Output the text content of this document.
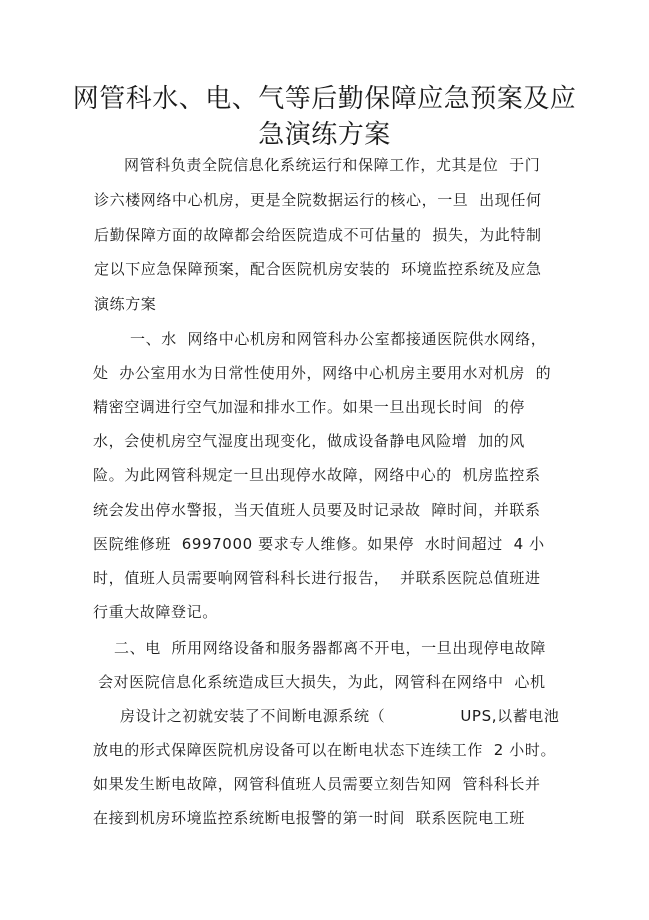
网管科水、电、气等后勤保障应急预案及应
急演练方案
网管科负责全院信息化系统运行和保障工作，尤其是位  于门
诊六楼网络中心机房，更是全院数据运行的核心，一旦  出现任何
后勤保障方面的故障都会给医院造成不可估量的  损失，为此特制
定以下应急保障预案，配合医院机房安装的  环境监控系统及应急
演练方案
一、水  网络中心机房和网管科办公室都接通医院供水网络，
处  办公室用水为日常性使用外，网络中心机房主要用水对机房  的
精密空调进行空气加湿和排水工作。如果一旦出现长时间  的停
水，会使机房空气湿度出现变化，做成设备静电风险增  加的风
险。为此网管科规定一旦出现停水故障，网络中心的  机房监控系
统会发出停水警报，当天值班人员要及时记录故  障时间，并联系
医院维修班  6997000 要求专人维修。如果停  水时间超过  4 小
时，值班人员需要响网管科科长进行报告，  并联系医院总值班进
行重大故障登记。
二、电  所用网络设备和服务器都离不开电，一旦出现停电故障
会对医院信息化系统造成巨大损失，为此，网管科在网络中  心机
房设计之初就安装了不间断电源系统（              UPS,以蓄电池
放电的形式保障医院机房设备可以在断电状态下连续工作  2 小时。
如果发生断电故障，网管科值班人员需要立刻告知网  管科科长并
在接到机房环境监控系统断电报警的第一时间  联系医院电工班
